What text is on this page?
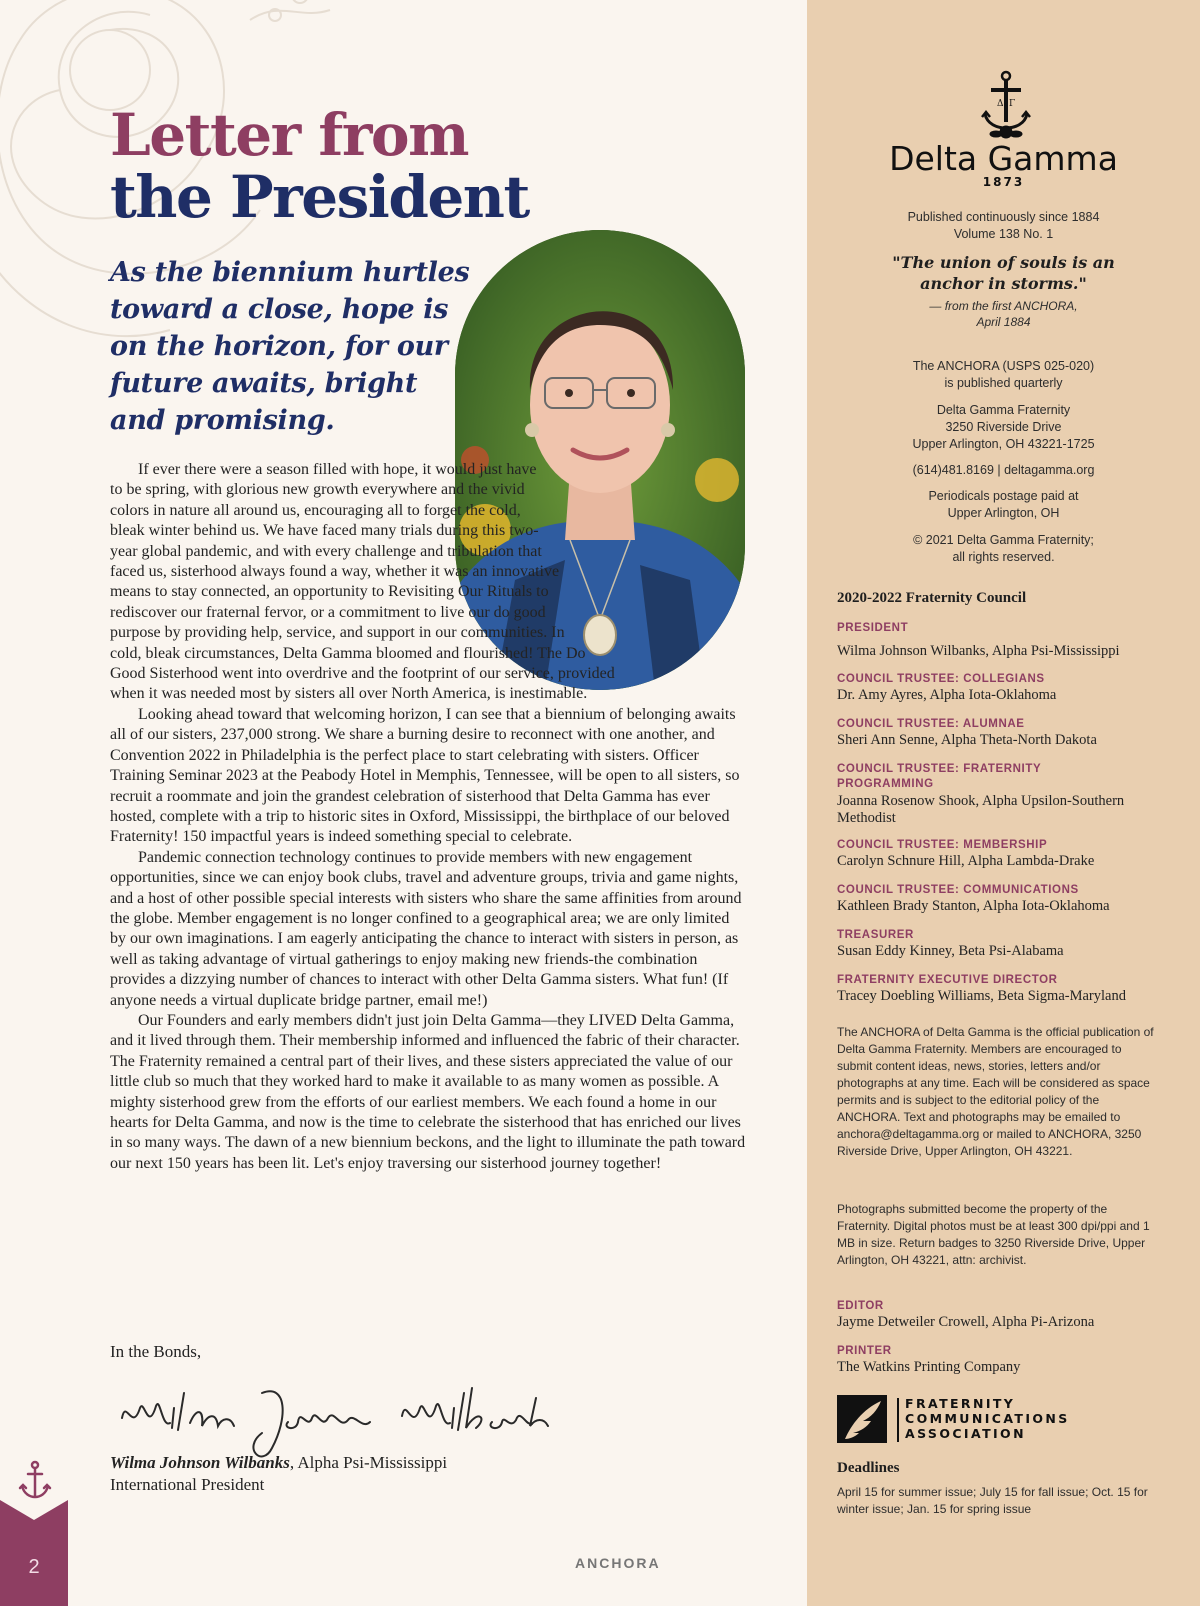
Letter from
the President
As the biennium hurtles toward a close, hope is on the horizon, for our future awaits, bright and promising.

If ever there were a season filled with hope, it would just have to be spring, with glorious new growth everywhere and the vivid colors in nature all around us, encouraging all to forget the cold, bleak winter behind us. We have faced many trials during this two-year global pandemic, and with every challenge and tribulation that faced us, sisterhood always found a way, whether it was an innovative means to stay connected, an opportunity to Revisiting Our Rituals to rediscover our fraternal fervor, or a commitment to live our do good purpose by providing help, service, and support in our communities. In cold, bleak circumstances, Delta Gamma bloomed and flourished! The Do Good Sisterhood went into overdrive and the footprint of our service, provided when it was needed most by sisters all over North America, is inestimable.

Looking ahead toward that welcoming horizon, I can see that a biennium of belonging awaits all of our sisters, 237,000 strong. We share a burning desire to reconnect with one another, and Convention 2022 in Philadelphia is the perfect place to start celebrating with sisters. Officer Training Seminar 2023 at the Peabody Hotel in Memphis, Tennessee, will be open to all sisters, so recruit a roommate and join the grandest celebration of sisterhood that Delta Gamma has ever hosted, complete with a trip to historic sites in Oxford, Mississippi, the birthplace of our beloved Fraternity! 150 impactful years is indeed something special to celebrate.

Pandemic connection technology continues to provide members with new engagement opportunities, since we can enjoy book clubs, travel and adventure groups, trivia and game nights, and a host of other possible special interests with sisters who share the same affinities from around the globe. Member engagement is no longer confined to a geographical area; we are only limited by our own imaginations. I am eagerly anticipating the chance to interact with sisters in person, as well as taking advantage of virtual gatherings to enjoy making new friends-the combination provides a dizzying number of chances to interact with other Delta Gamma sisters. What fun! (If anyone needs a virtual duplicate bridge partner, email me!)

Our Founders and early members didn't just join Delta Gamma—they LIVED Delta Gamma, and it lived through them. Their membership informed and influenced the fabric of their character. The Fraternity remained a central part of their lives, and these sisters appreciated the value of our little club so much that they worked hard to make it available to as many women as possible. A mighty sisterhood grew from the efforts of our earliest members. We each found a home in our hearts for Delta Gamma, and now is the time to celebrate the sisterhood that has enriched our lives in so many ways. The dawn of a new biennium beckons, and the light to illuminate the path toward our next 150 years has been lit. Let's enjoy traversing our sisterhood journey together!

In the Bonds,
Wilma Johnson Wilbanks, Alpha Psi-Mississippi
International President
2	ANCHORA
Δ Γ
Delta Gamma
1873
Published continuously since 1884
Volume 138 No. 1
"The union of souls is an
anchor in storms."
— from the first ANCHORA,
April 1884
The ANCHORA (USPS 025-020)
is published quarterly
Delta Gamma Fraternity
3250 Riverside Drive
Upper Arlington, OH 43221-1725
(614)481.8169 | deltagamma.org
Periodicals postage paid at
Upper Arlington, OH
© 2021 Delta Gamma Fraternity;
all rights reserved.
2020-2022 Fraternity Council
PRESIDENT
Wilma Johnson Wilbanks, Alpha Psi-Mississippi
COUNCIL TRUSTEE: COLLEGIANS
Dr. Amy Ayres, Alpha Iota-Oklahoma
COUNCIL TRUSTEE: ALUMNAE
Sheri Ann Senne, Alpha Theta-North Dakota
COUNCIL TRUSTEE: FRATERNITY PROGRAMMING
Joanna Rosenow Shook, Alpha Upsilon-Southern Methodist
COUNCIL TRUSTEE: MEMBERSHIP
Carolyn Schnure Hill, Alpha Lambda-Drake
COUNCIL TRUSTEE: COMMUNICATIONS
Kathleen Brady Stanton, Alpha Iota-Oklahoma
TREASURER
Susan Eddy Kinney, Beta Psi-Alabama
FRATERNITY EXECUTIVE DIRECTOR
Tracey Doebling Williams, Beta Sigma-Maryland
The ANCHORA of Delta Gamma is the official publication of Delta Gamma Fraternity. Members are encouraged to submit content ideas, news, stories, letters and/or photographs at any time. Each will be considered as space permits and is subject to the editorial policy of the ANCHORA. Text and photographs may be emailed to anchora@deltagamma.org or mailed to ANCHORA, 3250 Riverside Drive, Upper Arlington, OH 43221.
Photographs submitted become the property of the Fraternity. Digital photos must be at least 300 dpi/ppi and 1 MB in size. Return badges to 3250 Riverside Drive, Upper Arlington, OH 43221, attn: archivist.
EDITOR
Jayme Detweiler Crowell, Alpha Pi-Arizona
PRINTER
The Watkins Printing Company
FRATERNITY
COMMUNICATIONS
ASSOCIATION
Deadlines
April 15 for summer issue; July 15 for fall issue; Oct. 15 for winter issue; Jan. 15 for spring issue
